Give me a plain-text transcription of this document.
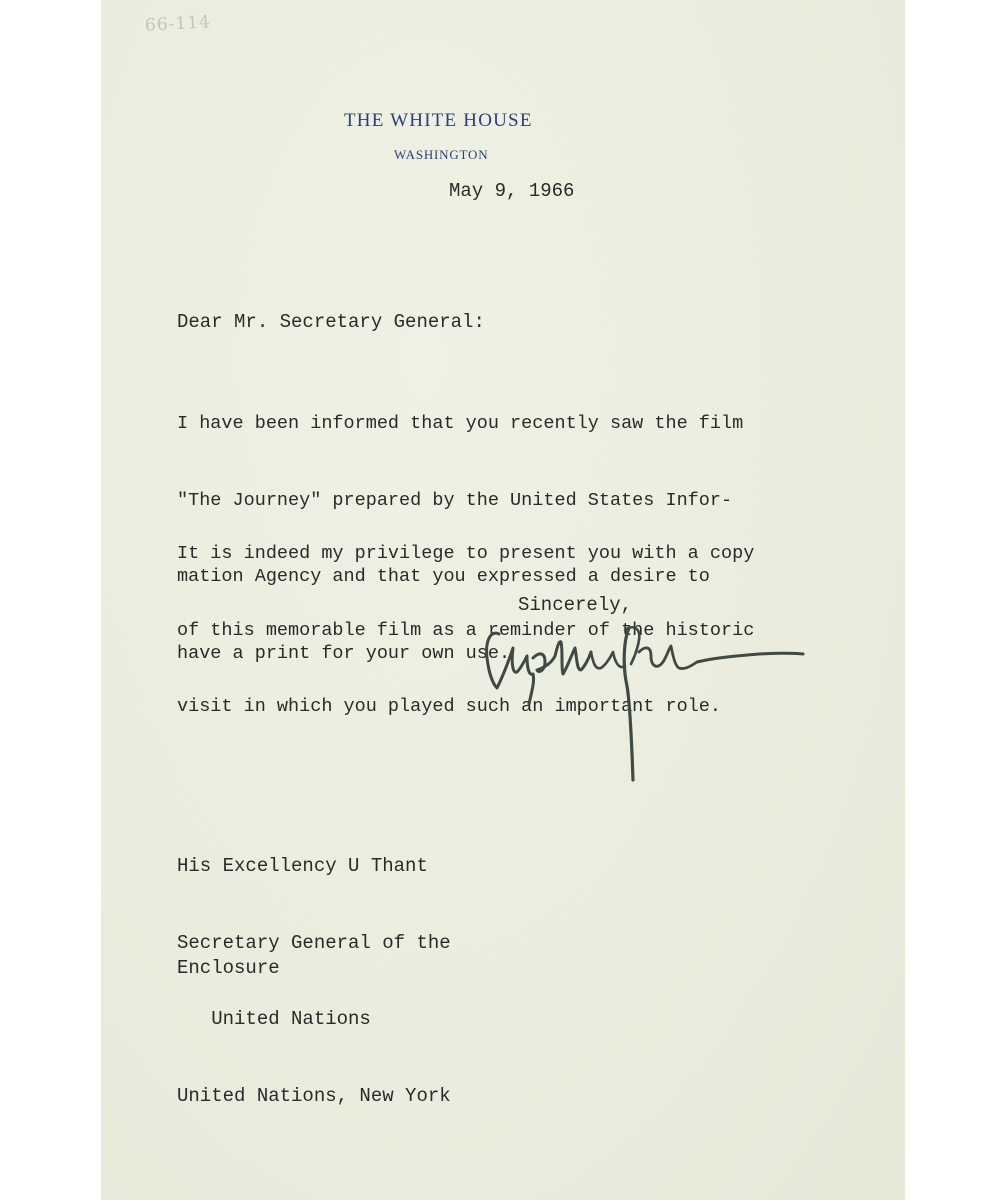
66-114
THE WHITE HOUSE
WASHINGTON
May 9, 1966
Dear Mr. Secretary General:

I have been informed that you recently saw the film

"The Journey" prepared by the United States Infor-

mation Agency and that you expressed a desire to

have a print for your own use.

It is indeed my privilege to present you with a copy

of this memorable film as a reminder of the historic

visit in which you played such an important role.

Sincerely,

His Excellency U Thant

Secretary General of the

United Nations

United Nations, New York

Enclosure
